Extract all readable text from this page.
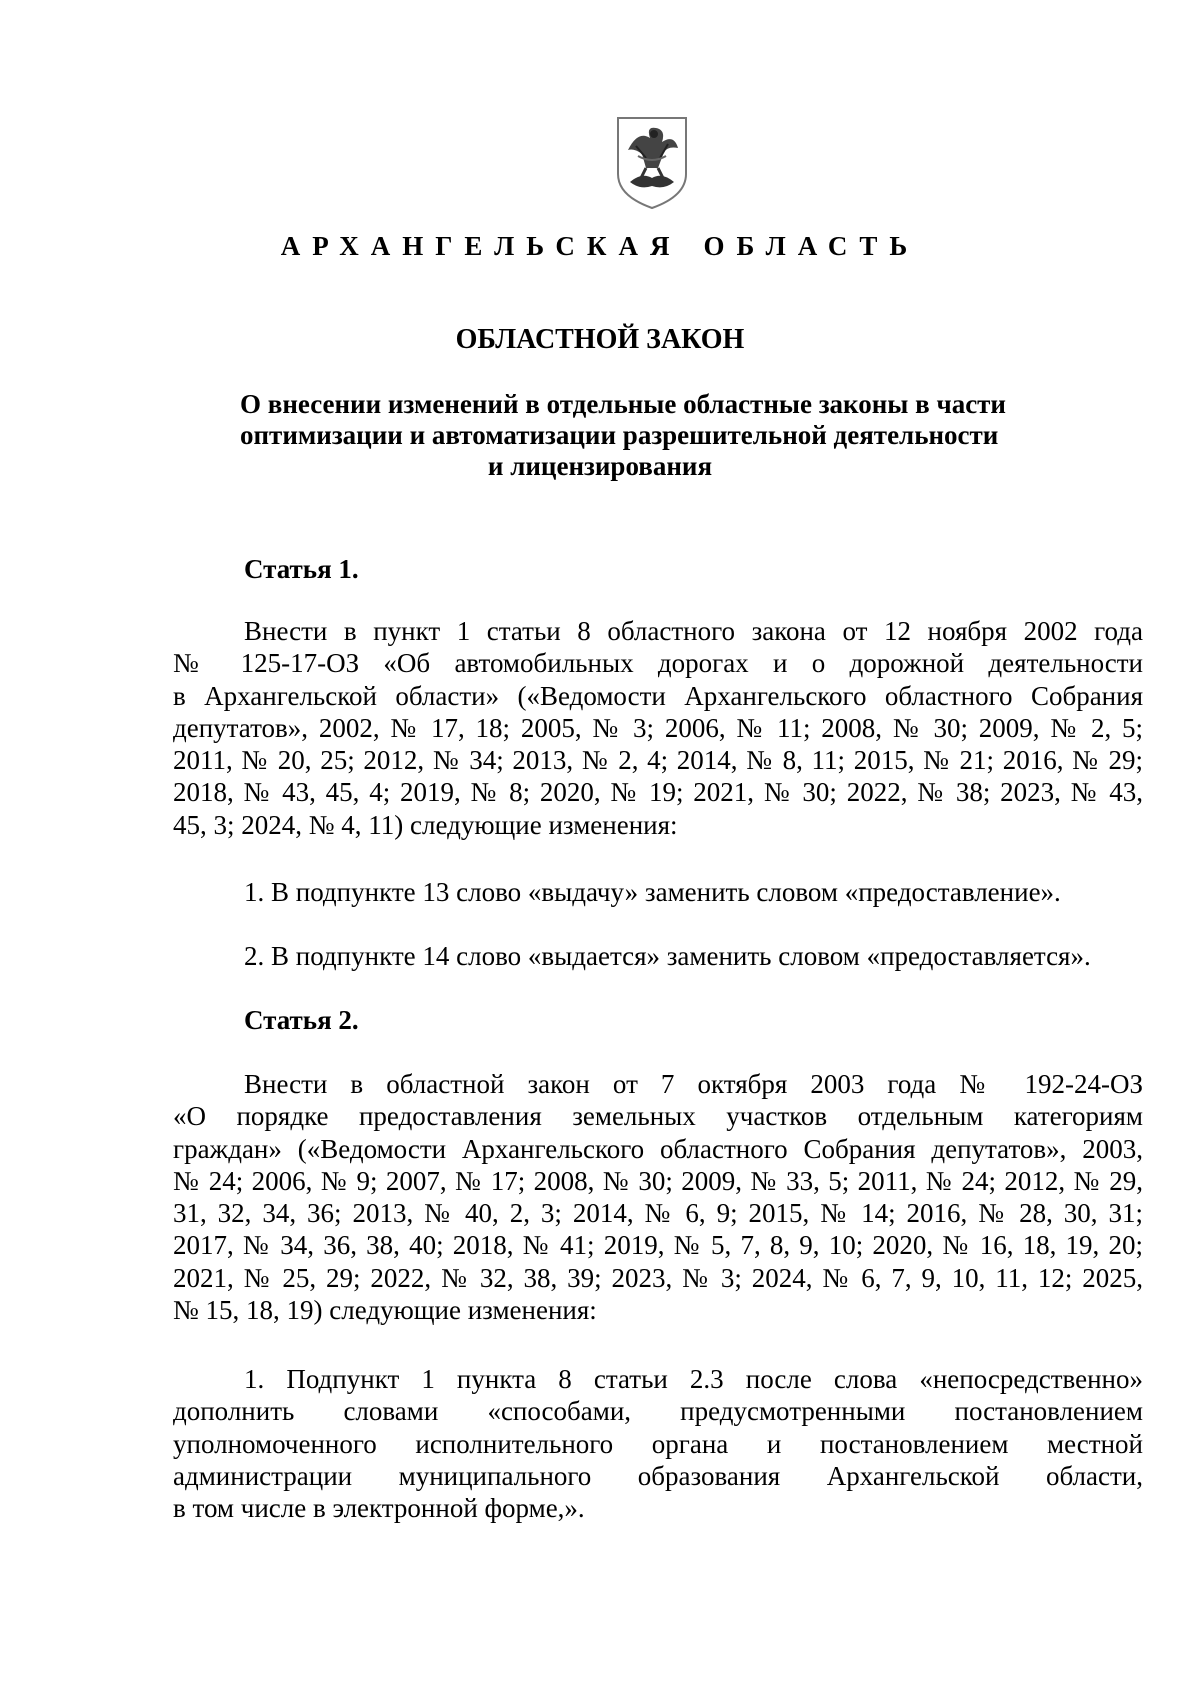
АРХАНГЕЛЬСКАЯ ОБЛАСТЬ
ОБЛАСТНОЙ ЗАКОН
О внесении изменений в отдельные областные законы в части
оптимизации и автоматизации разрешительной деятельности
и лицензирования
Статья 1.
Внести в пункт 1 статьи 8 областного закона от 12 ноября 2002 года
№ 125-17-ОЗ «Об автомобильных дорогах и о дорожной деятельности
в Архангельской области» («Ведомости Архангельского областного Собрания
депутатов», 2002, № 17, 18; 2005, № 3; 2006, № 11; 2008, № 30; 2009, № 2, 5;
2011, № 20, 25; 2012, № 34; 2013, № 2, 4; 2014, № 8, 11; 2015, № 21; 2016, № 29;
2018, № 43, 45, 4; 2019, № 8; 2020, № 19; 2021, № 30; 2022, № 38; 2023, № 43,
45, 3; 2024, № 4, 11) следующие изменения:
1. В подпункте 13 слово «выдачу» заменить словом «предоставление».
2. В подпункте 14 слово «выдается» заменить словом «предоставляется».
Статья 2.
Внести в областной закон от 7 октября 2003 года № 192-24-ОЗ
«О порядке предоставления земельных участков отдельным категориям
граждан» («Ведомости Архангельского областного Собрания депутатов», 2003,
№ 24; 2006, № 9; 2007, № 17; 2008, № 30; 2009, № 33, 5; 2011, № 24; 2012, № 29,
31, 32, 34, 36; 2013, № 40, 2, 3; 2014, № 6, 9; 2015, № 14; 2016, № 28, 30, 31;
2017, № 34, 36, 38, 40; 2018, № 41; 2019, № 5, 7, 8, 9, 10; 2020, № 16, 18, 19, 20;
2021, № 25, 29; 2022, № 32, 38, 39; 2023, № 3; 2024, № 6, 7, 9, 10, 11, 12; 2025,
№ 15, 18, 19) следующие изменения:
1. Подпункт 1 пункта 8 статьи 2.3 после слова «непосредственно»
дополнить словами «способами, предусмотренными постановлением
уполномоченного исполнительного органа и постановлением местной
администрации муниципального образования Архангельской области,
в том числе в электронной форме,».
